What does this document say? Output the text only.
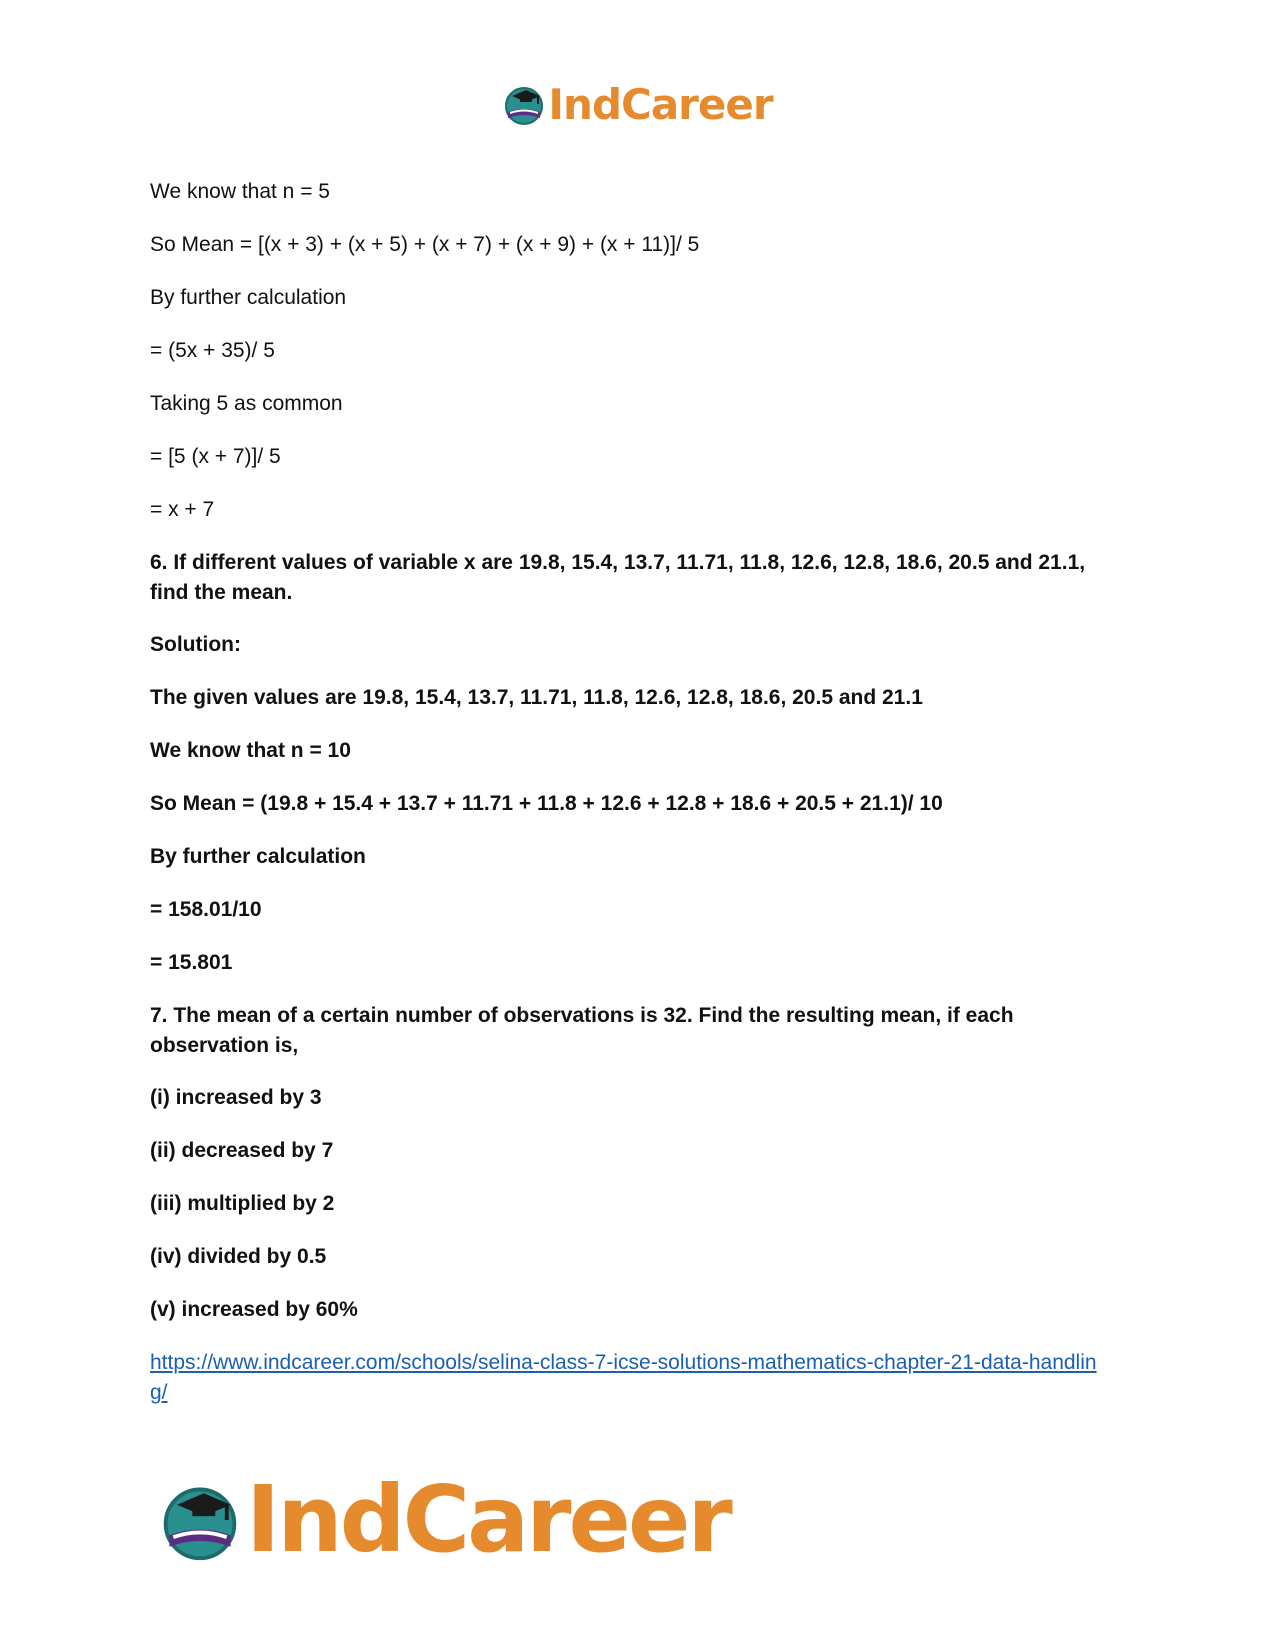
IndCareer

We know that n = 5

So Mean = [(x + 3) + (x + 5) + (x + 7) + (x + 9) + (x + 11)]/ 5

By further calculation

= (5x + 35)/ 5

Taking 5 as common

= [5 (x + 7)]/ 5

= x + 7

6. If different values of variable x are 19.8, 15.4, 13.7, 11.71, 11.8, 12.6, 12.8, 18.6, 20.5 and 21.1, find the mean.

Solution:

The given values are 19.8, 15.4, 13.7, 11.71, 11.8, 12.6, 12.8, 18.6, 20.5 and 21.1

We know that n = 10

So Mean = (19.8 + 15.4 + 13.7 + 11.71 + 11.8 + 12.6 + 12.8 + 18.6 + 20.5 + 21.1)/ 10

By further calculation

= 158.01/10

= 15.801

7. The mean of a certain number of observations is 32. Find the resulting mean, if each observation is,

(i) increased by 3

(ii) decreased by 7

(iii) multiplied by 2

(iv) divided by 0.5

(v) increased by 60%

https://www.indcareer.com/schools/selina-class-7-icse-solutions-mathematics-chapter-21-data-handling/
IndCareer
